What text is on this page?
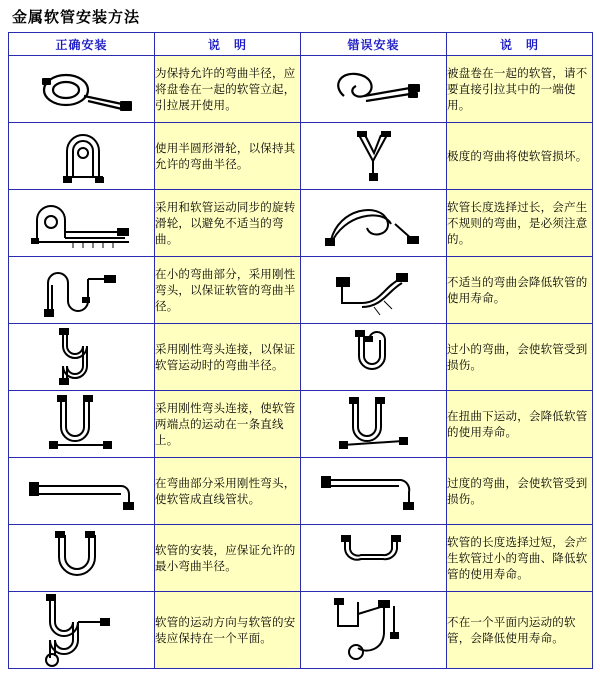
金属软管安装方法
正确安装	说　明	错误安装	说　明

	为保持允许的弯曲半径，应将盘卷在一起的软管立起，引拉展开使用。		被盘卷在一起的软管，请不要直接引拉其中的一端使用。

	使用半圆形滑轮，以保持其允许的弯曲半径。		极度的弯曲将使软管损坏。

	采用和软管运动同步的旋转滑轮，以避免不适当的弯曲。		软管长度选择过长，会产生不规则的弯曲，是必须注意的。

	在小的弯曲部分，采用刚性弯头，以保证软管的弯曲半径。		不适当的弯曲会降低软管的使用寿命。

	采用刚性弯头连接，以保证软管运动时的弯曲半径。		过小的弯曲，会使软管受到损伤。

	采用刚性弯头连接，使软管两端点的运动在一条直线上。		在扭曲下运动，会降低软管的使用寿命。

	在弯曲部分采用刚性弯头，使软管成直线管状。		过度的弯曲，会使软管受到损伤。

	软管的安装，应保证允许的最小弯曲半径。		软管的长度选择过短，会产生软管过小的弯曲、降低软管的使用寿命。

	软管的运动方向与软管的安装应保持在一个平面。		不在一个平面内运动的软管，会降低使用寿命。
